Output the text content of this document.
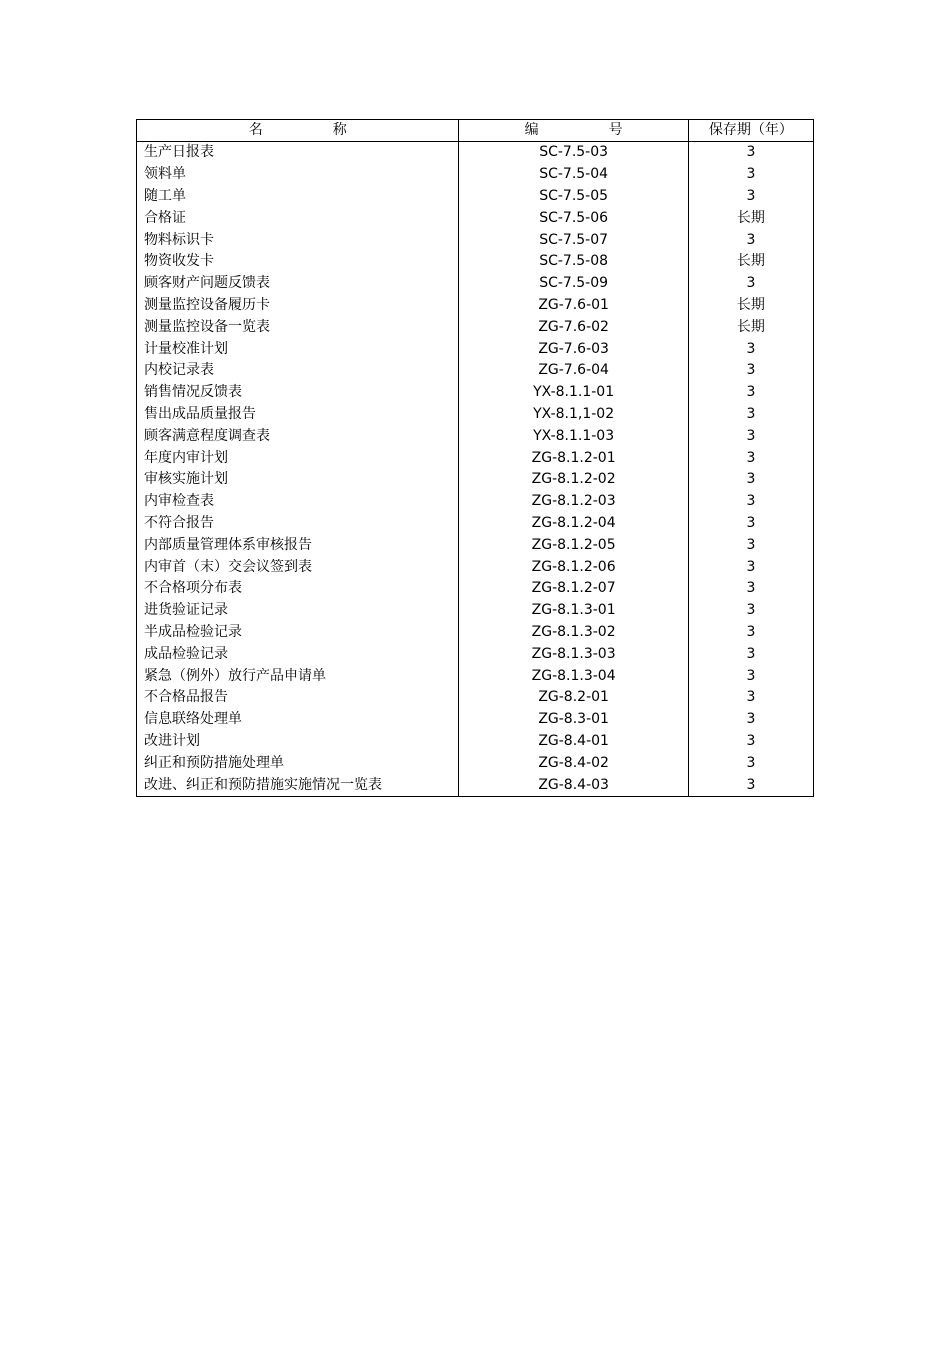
名　　　　　称	编　　　　　号	保存期（年）
生产日报表	SC-7.5-03	3
领料单	SC-7.5-04	3
随工单	SC-7.5-05	3
合格证	SC-7.5-06	长期
物料标识卡	SC-7.5-07	3
物资收发卡	SC-7.5-08	长期
顾客财产问题反馈表	SC-7.5-09	3
测量监控设备履历卡	ZG-7.6-01	长期
测量监控设备一览表	ZG-7.6-02	长期
计量校准计划	ZG-7.6-03	3
内校记录表	ZG-7.6-04	3
销售情况反馈表	YX-8.1.1-01	3
售出成品质量报告	YX-8.1,1-02	3
顾客满意程度调查表	YX-8.1.1-03	3
年度内审计划	ZG-8.1.2-01	3
审核实施计划	ZG-8.1.2-02	3
内审检查表	ZG-8.1.2-03	3
不符合报告	ZG-8.1.2-04	3
内部质量管理体系审核报告	ZG-8.1.2-05	3
内审首（末）交会议签到表	ZG-8.1.2-06	3
不合格项分布表	ZG-8.1.2-07	3
进货验证记录	ZG-8.1.3-01	3
半成品检验记录	ZG-8.1.3-02	3
成品检验记录	ZG-8.1.3-03	3
紧急（例外）放行产品申请单	ZG-8.1.3-04	3
不合格品报告	ZG-8.2-01	3
信息联络处理单	ZG-8.3-01	3
改进计划	ZG-8.4-01	3
纠正和预防措施处理单	ZG-8.4-02	3
改进、纠正和预防措施实施情况一览表	ZG-8.4-03	3
